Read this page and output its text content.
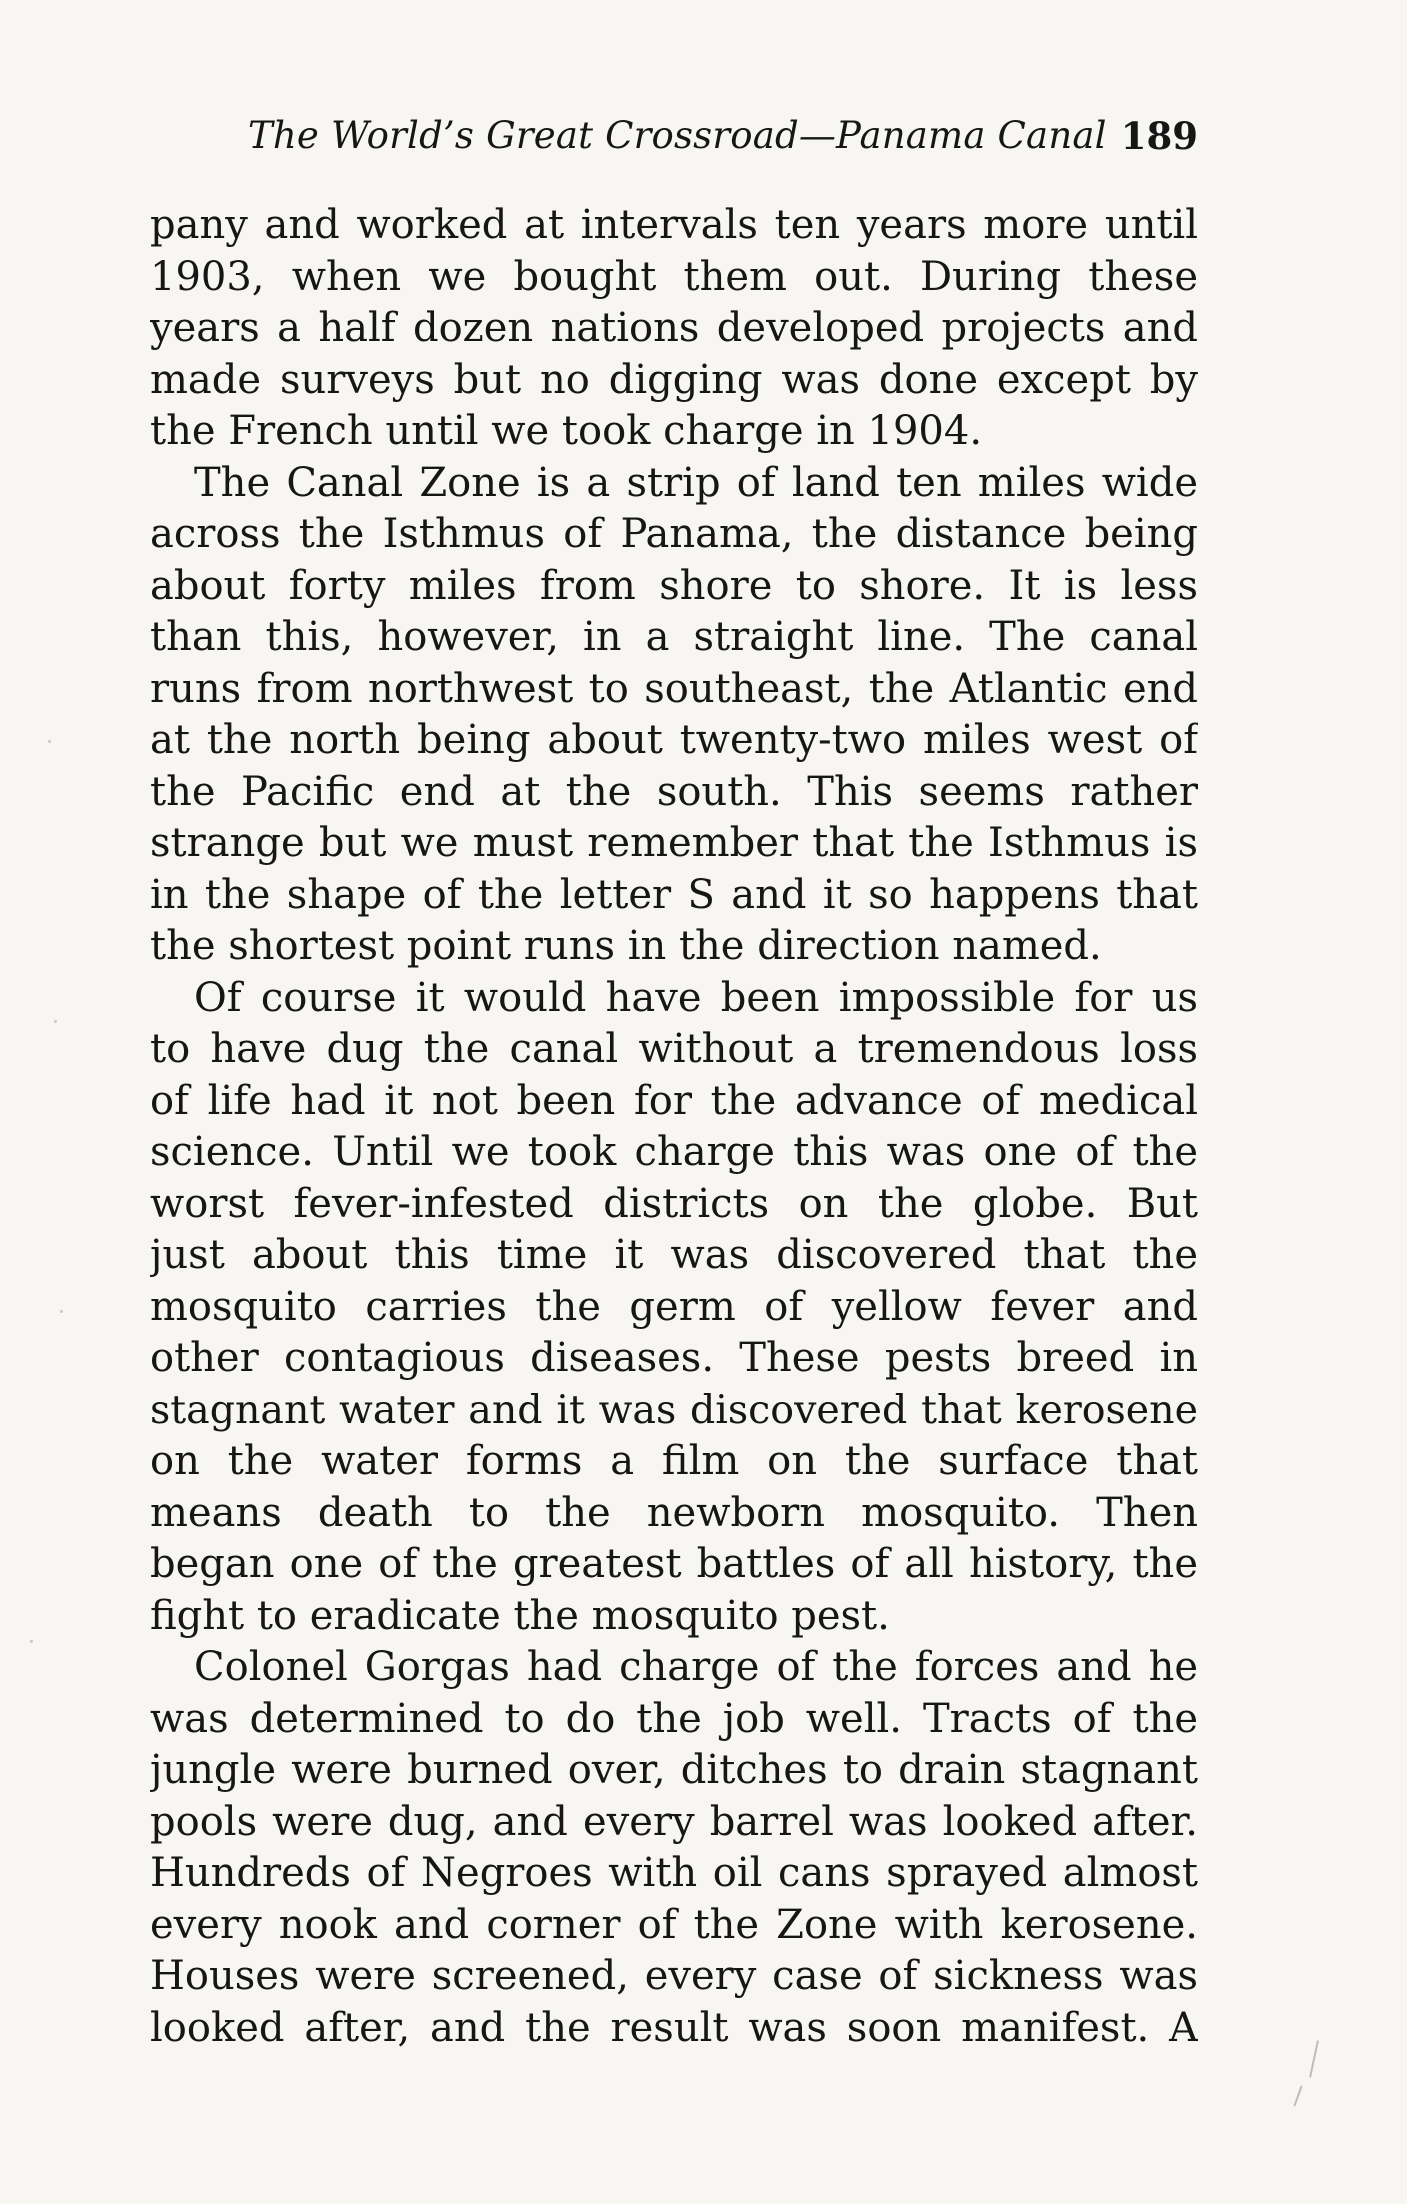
The World’s Great Crossroad—Panama Canal 189
pany and worked at intervals ten years more until
1903, when we bought them out. During these
years a half dozen nations developed projects and
made surveys but no digging was done except by
the French until we took charge in 1904.
The Canal Zone is a strip of land ten miles wide
across the Isthmus of Panama, the distance being
about forty miles from shore to shore. It is less
than this, however, in a straight line. The canal
runs from northwest to southeast, the Atlantic end
at the north being about twenty-two miles west of
the Pacific end at the south. This seems rather
strange but we must remember that the Isthmus is
in the shape of the letter S and it so happens that
the shortest point runs in the direction named.
Of course it would have been impossible for us
to have dug the canal without a tremendous loss
of life had it not been for the advance of medical
science. Until we took charge this was one of the
worst fever-infested districts on the globe. But
just about this time it was discovered that the
mosquito carries the germ of yellow fever and
other contagious diseases. These pests breed in
stagnant water and it was discovered that kerosene
on the water forms a film on the surface that
means death to the newborn mosquito. Then
began one of the greatest battles of all history, the
fight to eradicate the mosquito pest.
Colonel Gorgas had charge of the forces and he
was determined to do the job well. Tracts of the
jungle were burned over, ditches to drain stagnant
pools were dug, and every barrel was looked after.
Hundreds of Negroes with oil cans sprayed almost
every nook and corner of the Zone with kerosene.
Houses were screened, every case of sickness was
looked after, and the result was soon manifest. A
